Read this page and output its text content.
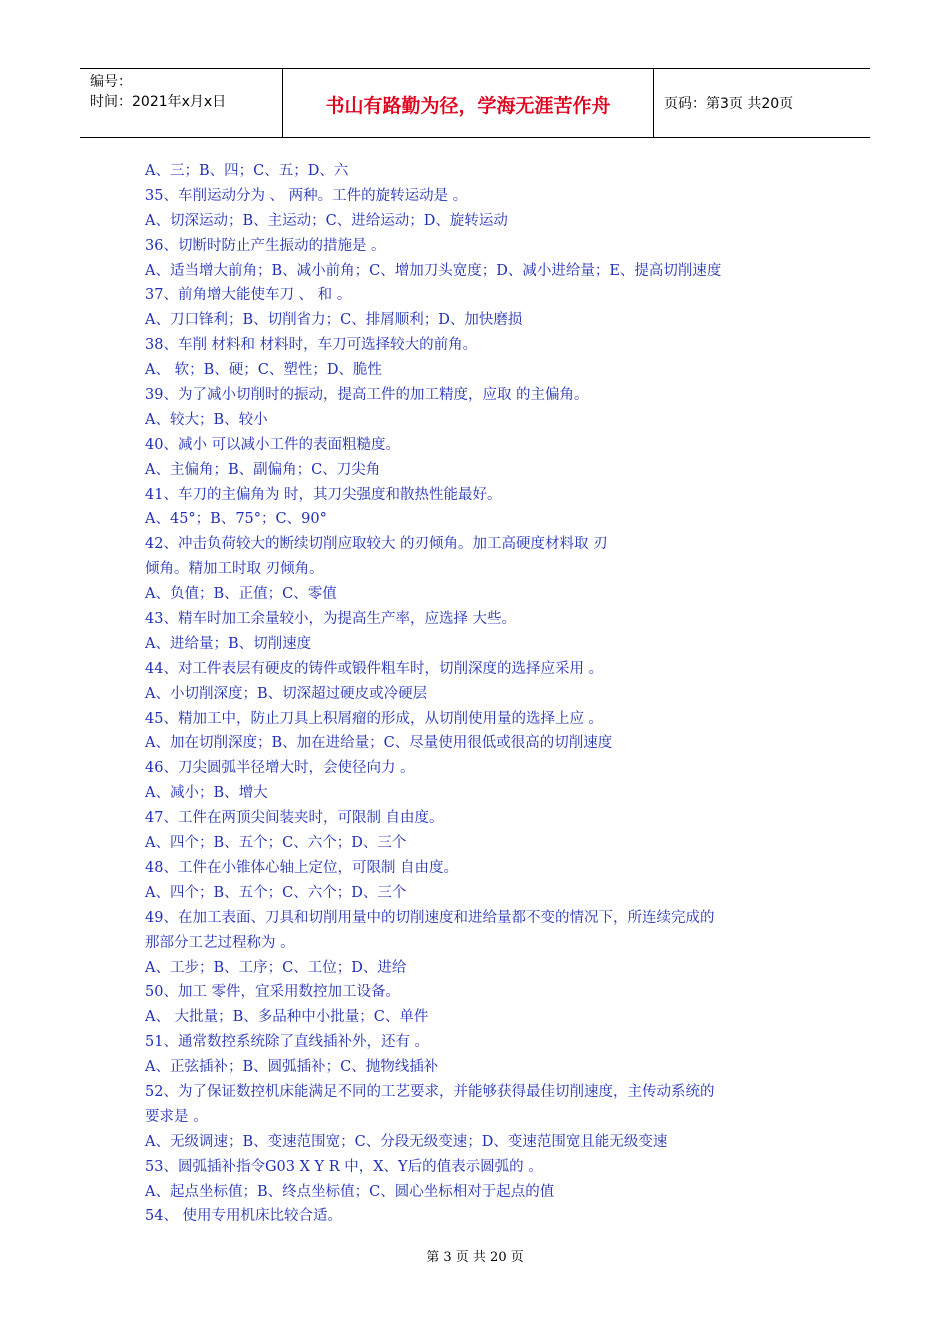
编号：
时间：2021年x月x日	书山有路勤为径，学海无涯苦作舟	页码：第3页 共20页
A、三；B、四；C、五；D、六
35、车削运动分为 、 两种。工件的旋转运动是 。
A、切深运动；B、主运动；C、进给运动；D、旋转运动
36、切断时防止产生振动的措施是 。
A、适当增大前角；B、减小前角；C、增加刀头宽度；D、减小进给量；E、提高切削速度
37、前角增大能使车刀 、 和 。
A、刀口锋利；B、切削省力；C、排屑顺利；D、加快磨损
38、车削 材料和 材料时，车刀可选择较大的前角。
A、 软；B、硬；C、塑性；D、脆性
39、为了减小切削时的振动，提高工件的加工精度，应取 的主偏角。
A、较大；B、较小
40、减小 可以减小工件的表面粗糙度。
A、主偏角；B、副偏角；C、刀尖角
41、车刀的主偏角为 时，其刀尖强度和散热性能最好。
A、45°；B、75°；C、90°
42、冲击负荷较大的断续切削应取较大 的刃倾角。加工高硬度材料取 刃
倾角。精加工时取 刃倾角。
A、负值；B、正值；C、零值
43、精车时加工余量较小，为提高生产率，应选择 大些。
A、进给量；B、切削速度
44、对工件表层有硬皮的铸件或锻件粗车时，切削深度的选择应采用 。
A、小切削深度；B、切深超过硬皮或冷硬层
45、精加工中，防止刀具上积屑瘤的形成，从切削使用量的选择上应 。
A、加在切削深度；B、加在进给量；C、尽量使用很低或很高的切削速度
46、刀尖圆弧半径增大时，会使径向力 。
A、减小；B、增大
47、工件在两顶尖间装夹时，可限制 自由度。
A、四个；B、五个；C、六个；D、三个
48、工件在小锥体心轴上定位，可限制 自由度。
A、四个；B、五个；C、六个；D、三个
49、在加工表面、刀具和切削用量中的切削速度和进给量都不变的情况下，所连续完成的
那部分工艺过程称为 。
A、工步；B、工序；C、工位；D、进给
50、加工 零件，宜采用数控加工设备。
A、 大批量；B、多品种中小批量；C、单件
51、通常数控系统除了直线插补外，还有 。
A、正弦插补；B、圆弧插补；C、抛物线插补
52、为了保证数控机床能满足不同的工艺要求，并能够获得最佳切削速度，主传动系统的
要求是 。
A、无级调速；B、变速范围宽；C、分段无级变速；D、变速范围宽且能无级变速
53、圆弧插补指令G03 X Y R 中，X、Y后的值表示圆弧的 。
A、起点坐标值；B、终点坐标值；C、圆心坐标相对于起点的值
54、 使用专用机床比较合适。
第 3 页 共 20 页
